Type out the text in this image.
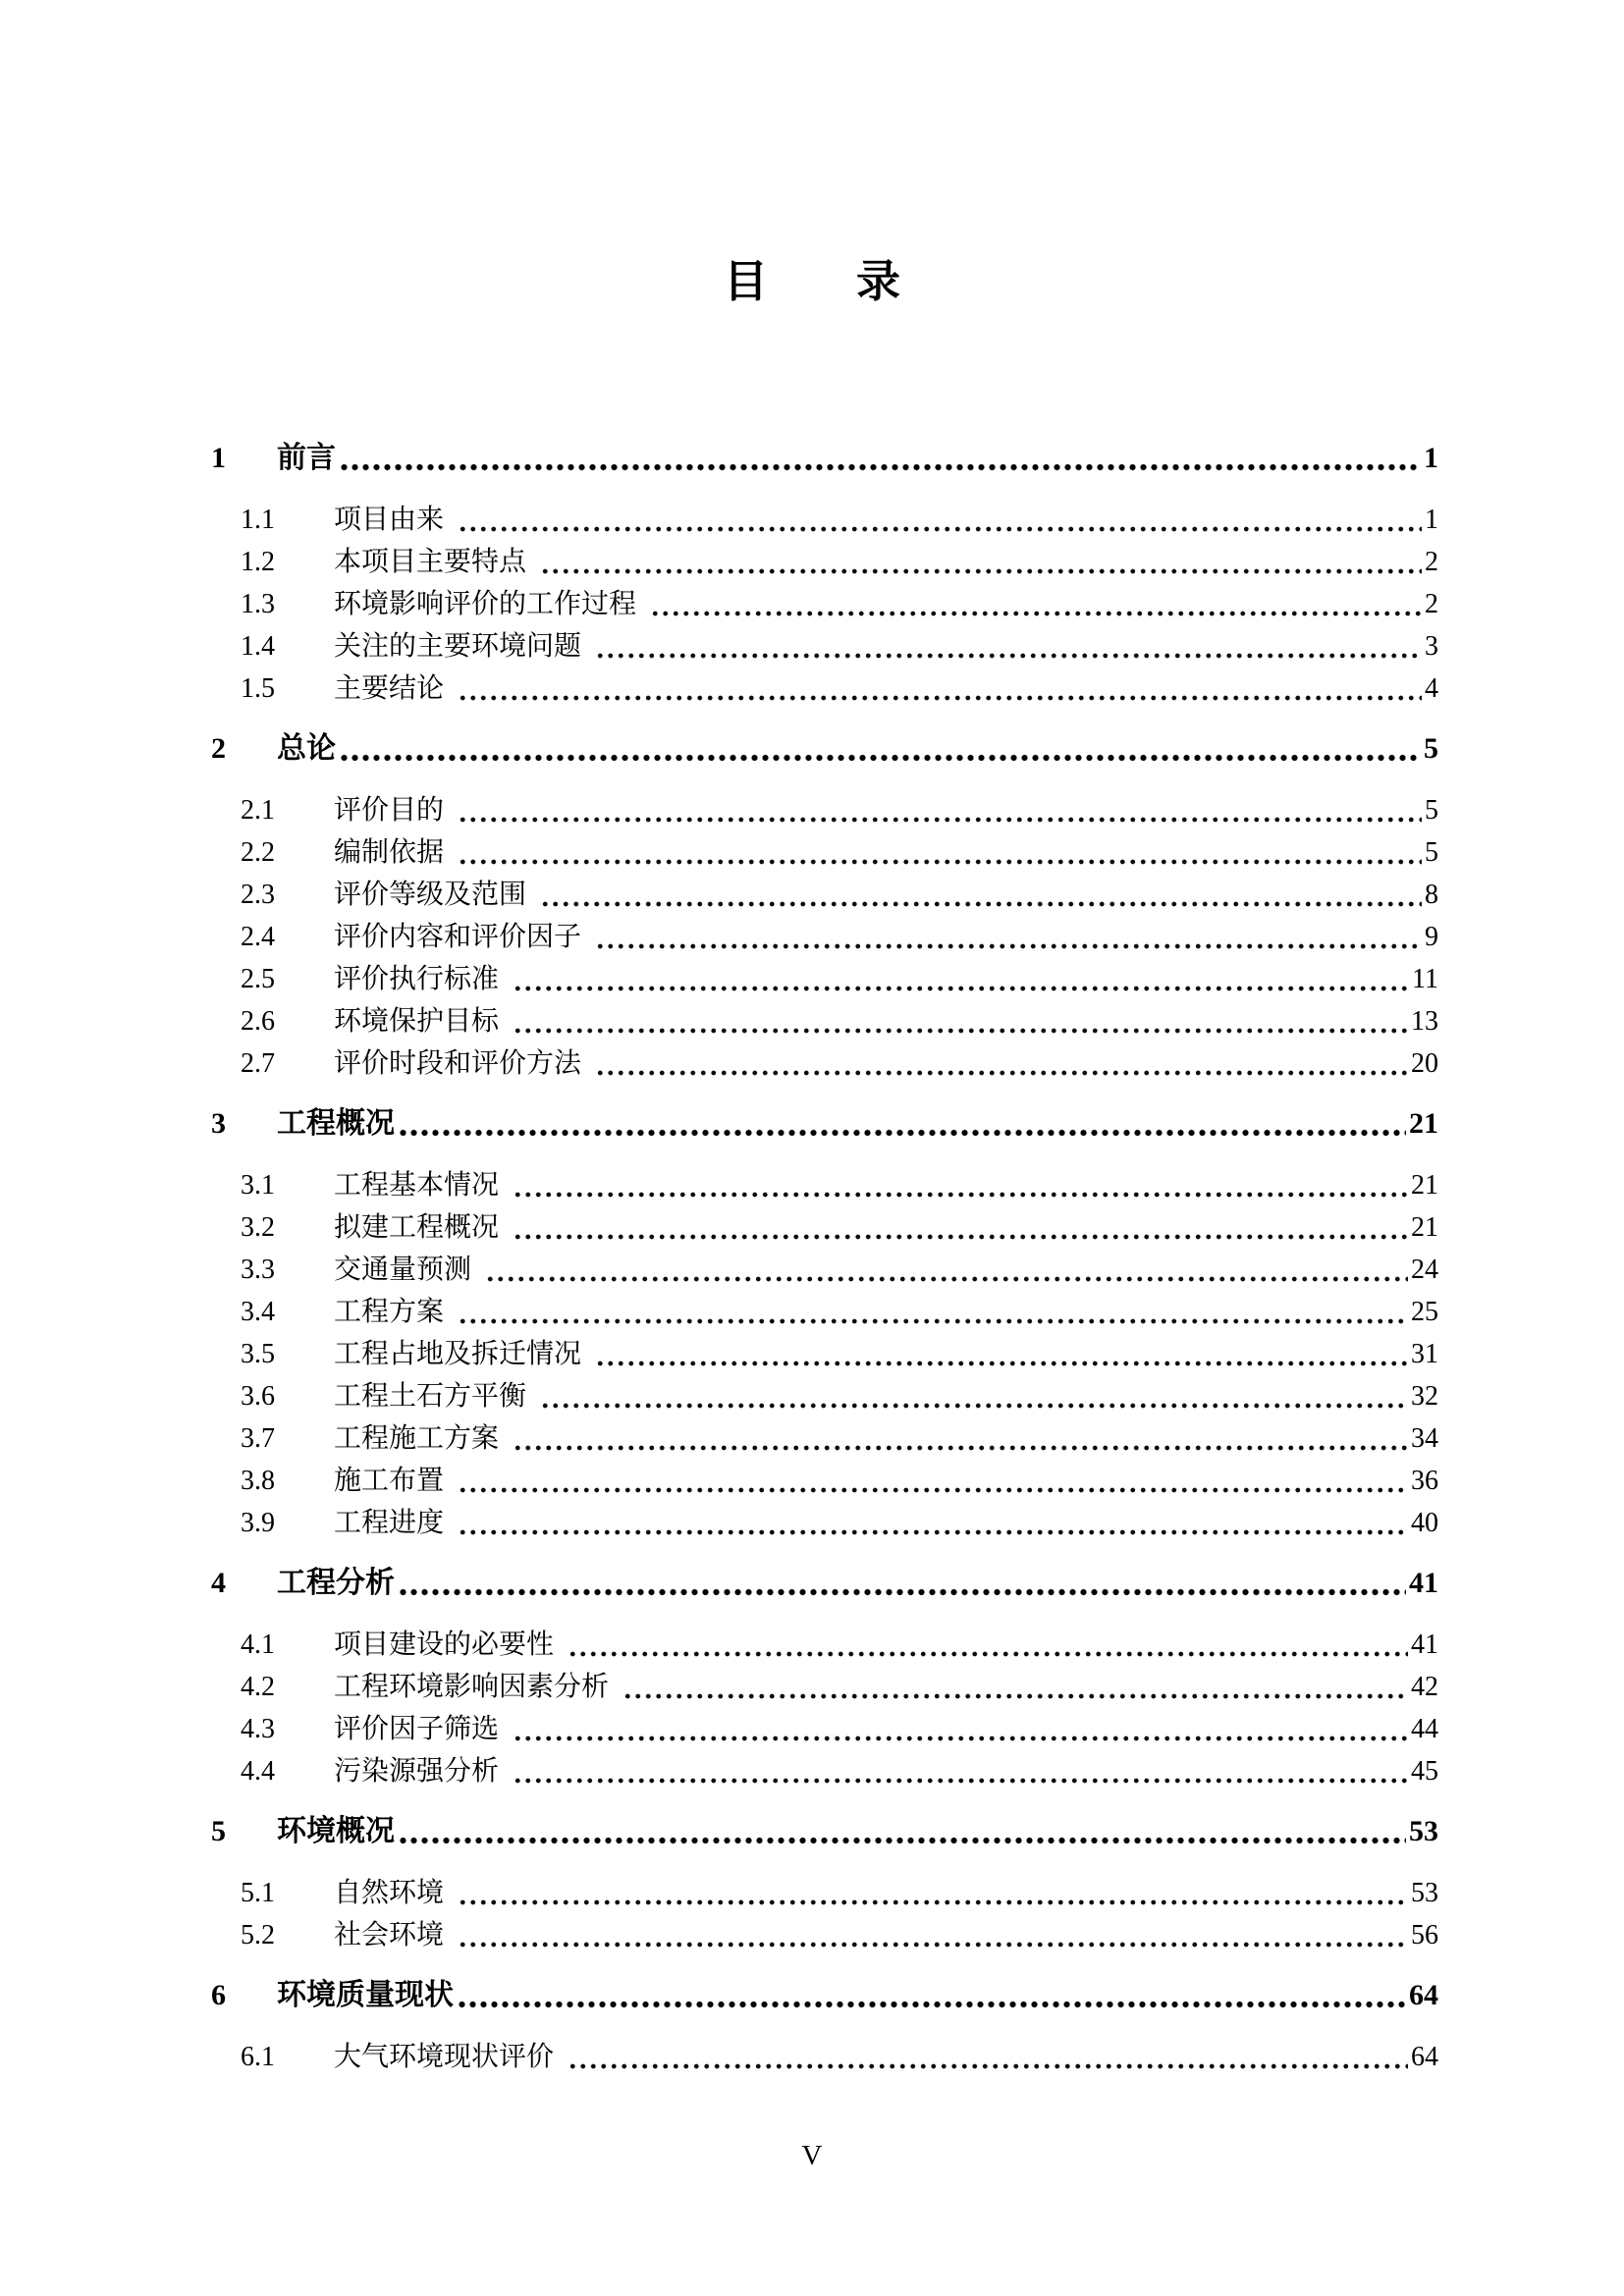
目　　录
1	前言	1
1.1	项目由来	1
1.2	本项目主要特点	2
1.3	环境影响评价的工作过程	2
1.4	关注的主要环境问题	3
1.5	主要结论	4
2	总论	5
2.1	评价目的	5
2.2	编制依据	5
2.3	评价等级及范围	8
2.4	评价内容和评价因子	9
2.5	评价执行标准	11
2.6	环境保护目标	13
2.7	评价时段和评价方法	20
3	工程概况	21
3.1	工程基本情况	21
3.2	拟建工程概况	21
3.3	交通量预测	24
3.4	工程方案	25
3.5	工程占地及拆迁情况	31
3.6	工程土石方平衡	32
3.7	工程施工方案	34
3.8	施工布置	36
3.9	工程进度	40
4	工程分析	41
4.1	项目建设的必要性	41
4.2	工程环境影响因素分析	42
4.3	评价因子筛选	44
4.4	污染源强分析	45
5	环境概况	53
5.1	自然环境	53
5.2	社会环境	56
6	环境质量现状	64
6.1	大气环境现状评价	64
V
